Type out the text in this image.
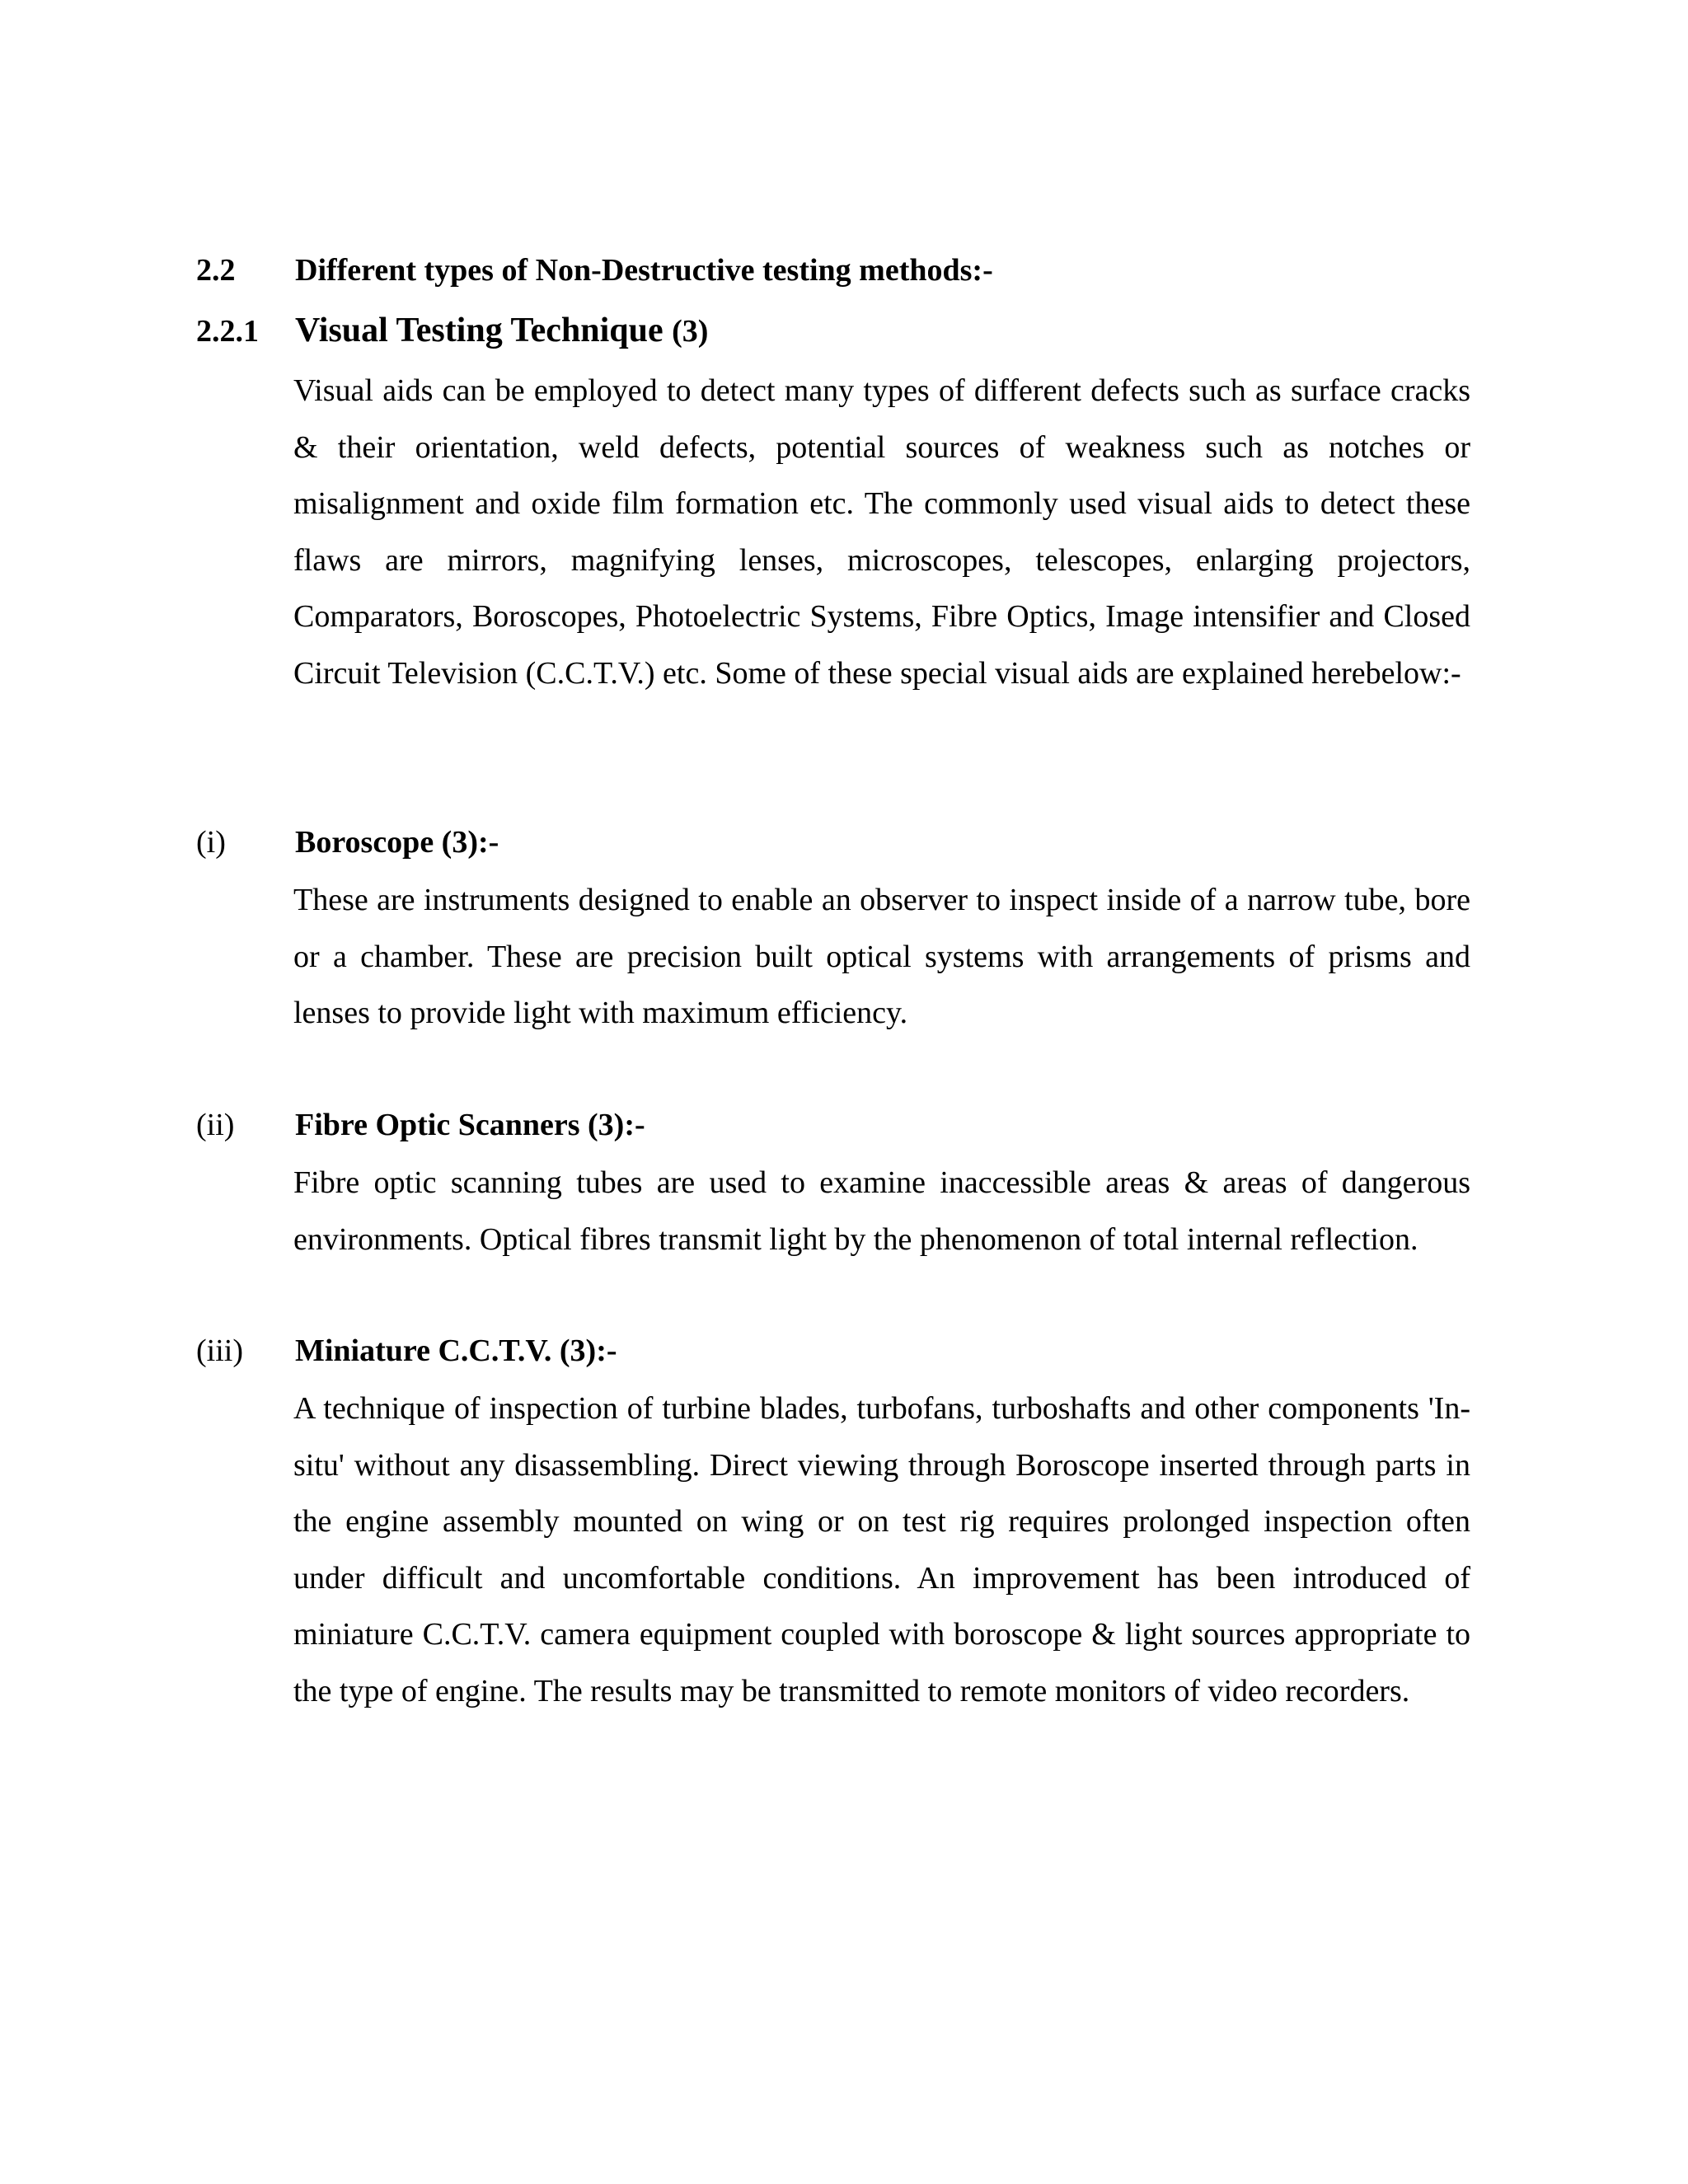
2.2 Different types of Non-Destructive testing methods:-
2.2.1 Visual Testing Technique (3)

Visual aids can be employed to detect many types of different defects such as surface cracks & their orientation, weld defects, potential sources of weakness such as notches or misalignment and oxide film formation etc. The commonly used visual aids to detect these flaws are mirrors, magnifying lenses, microscopes, telescopes, enlarging projectors, Comparators, Boroscopes, Photoelectric Systems, Fibre Optics, Image intensifier and Closed Circuit Television (C.C.T.V.) etc. Some of these special visual aids are explained herebelow:-

(i) Boroscope (3):-

These are instruments designed to enable an observer to inspect inside of a narrow tube, bore or a chamber. These are precision built optical systems with arrangements of prisms and lenses to provide light with maximum efficiency.

(ii) Fibre Optic Scanners (3):-

Fibre optic scanning tubes are used to examine inaccessible areas & areas of dangerous environments. Optical fibres transmit light by the phenomenon of total internal reflection.

(iii) Miniature C.C.T.V. (3):-

A technique of inspection of turbine blades, turbofans, turboshafts and other components 'In-situ' without any disassembling. Direct viewing through Boroscope inserted through parts in the engine assembly mounted on wing or on test rig requires prolonged inspection often under difficult and uncomfortable conditions. An improvement has been introduced of miniature C.C.T.V. camera equipment coupled with boroscope & light sources appropriate to the type of engine. The results may be transmitted to remote monitors of video recorders.
